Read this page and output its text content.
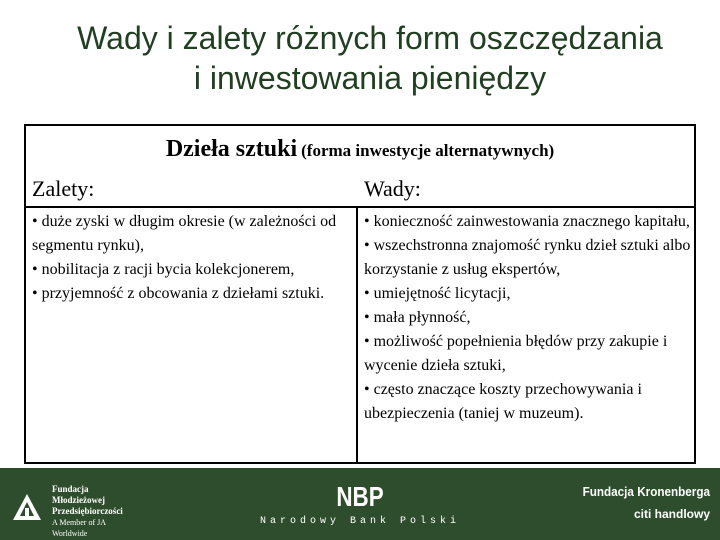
Wady i zalety różnych form oszczędzania
i inwestowania pieniędzy
Dzieła sztuki (forma inwestycje alternatywnych)
Zalety:	Wady:
• duże zyski w długim okresie (w zależności od segmentu rynku),
• nobilitacja z racji bycia kolekcjonerem,
• przyjemność z obcowania z dziełami sztuki.
• konieczność zainwestowania znacznego kapitału,
• wszechstronna znajomość rynku dzieł sztuki albo korzystanie z usług ekspertów,
• umiejętność licytacji,
• mała płynność,
• możliwość popełnienia błędów przy zakupie i wycenie dzieła sztuki,
• często znaczące koszty przechowywania i ubezpieczenia (taniej w muzeum).
Fundacja
Młodzieżowej
Przedsiębiorczości
A Member of JA Worldwide
NBP
Narodowy Bank Polski
Fundacja Kronenberga
citi handlowy
